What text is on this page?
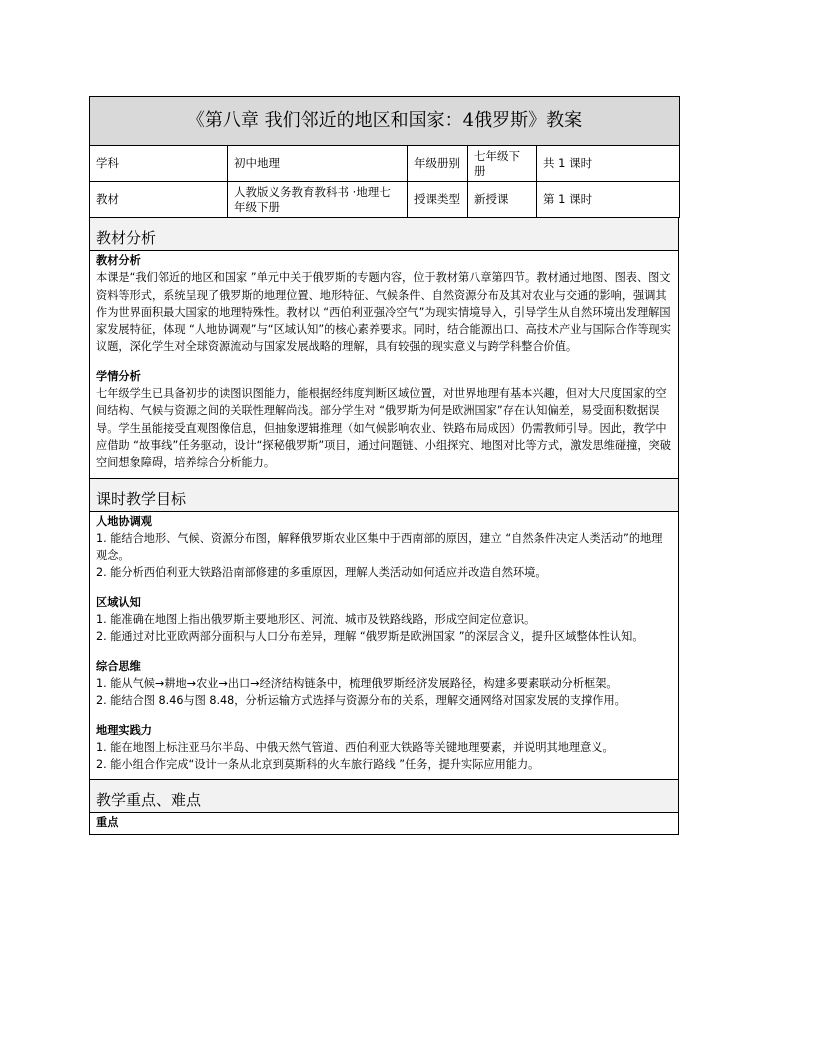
《第八章 我们邻近的地区和国家：4俄罗斯》教案				
学科	初中地理	年级册别	七年级下册	共 1 课时
教材	人教版义务教育教科书 ·地理七年级下册	授课类型	新授课	第 1 课时
教材分析
教材分析

本课是“我们邻近的地区和国家 ”单元中关于俄罗斯的专题内容，位于教材第八章第四节。教材通过地图、图表、图文资料等形式，系统呈现了俄罗斯的地理位置、地形特征、气候条件、自然资源分布及其对农业与交通的影响，强调其作为世界面积最大国家的地理特殊性。教材以 “西伯利亚强冷空气”为现实情境导入，引导学生从自然环境出发理解国家发展特征，体现 “人地协调观”与“区域认知”的核心素养要求。同时，结合能源出口、高技术产业与国际合作等现实议题，深化学生对全球资源流动与国家发展战略的理解，具有较强的现实意义与跨学科整合价值。

学情分析

七年级学生已具备初步的读图识图能力，能根据经纬度判断区域位置，对世界地理有基本兴趣，但对大尺度国家的空间结构、气候与资源之间的关联性理解尚浅。部分学生对 “俄罗斯为何是欧洲国家”存在认知偏差，易受面积数据误导。学生虽能接受直观图像信息，但抽象逻辑推理（如气候影响农业、铁路布局成因）仍需教师引导。因此，教学中应借助 “故事线”任务驱动，设计“探秘俄罗斯”项目，通过问题链、小组探究、地图对比等方式，激发思维碰撞，突破空间想象障碍，培养综合分析能力。

课时教学目标
人地协调观

1. 能结合地形、气候、资源分布图，解释俄罗斯农业区集中于西南部的原因，建立 “自然条件决定人类活动”的地理观念。

2. 能分析西伯利亚大铁路沿南部修建的多重原因，理解人类活动如何适应并改造自然环境。

区域认知

1. 能准确在地图上指出俄罗斯主要地形区、河流、城市及铁路线路，形成空间定位意识。

2. 能通过对比亚欧两部分面积与人口分布差异，理解 “俄罗斯是欧洲国家 ”的深层含义，提升区域整体性认知。

综合思维

1. 能从气候→耕地→农业→出口→经济结构链条中，梳理俄罗斯经济发展路径，构建多要素联动分析框架。

2. 能结合图 8.46与图 8.48，分析运输方式选择与资源分布的关系，理解交通网络对国家发展的支撑作用。

地理实践力

1. 能在地图上标注亚马尔半岛、中俄天然气管道、西伯利亚大铁路等关键地理要素，并说明其地理意义。

2. 能小组合作完成“设计一条从北京到莫斯科的火车旅行路线 ”任务，提升实际应用能力。

教学重点、难点
重点
